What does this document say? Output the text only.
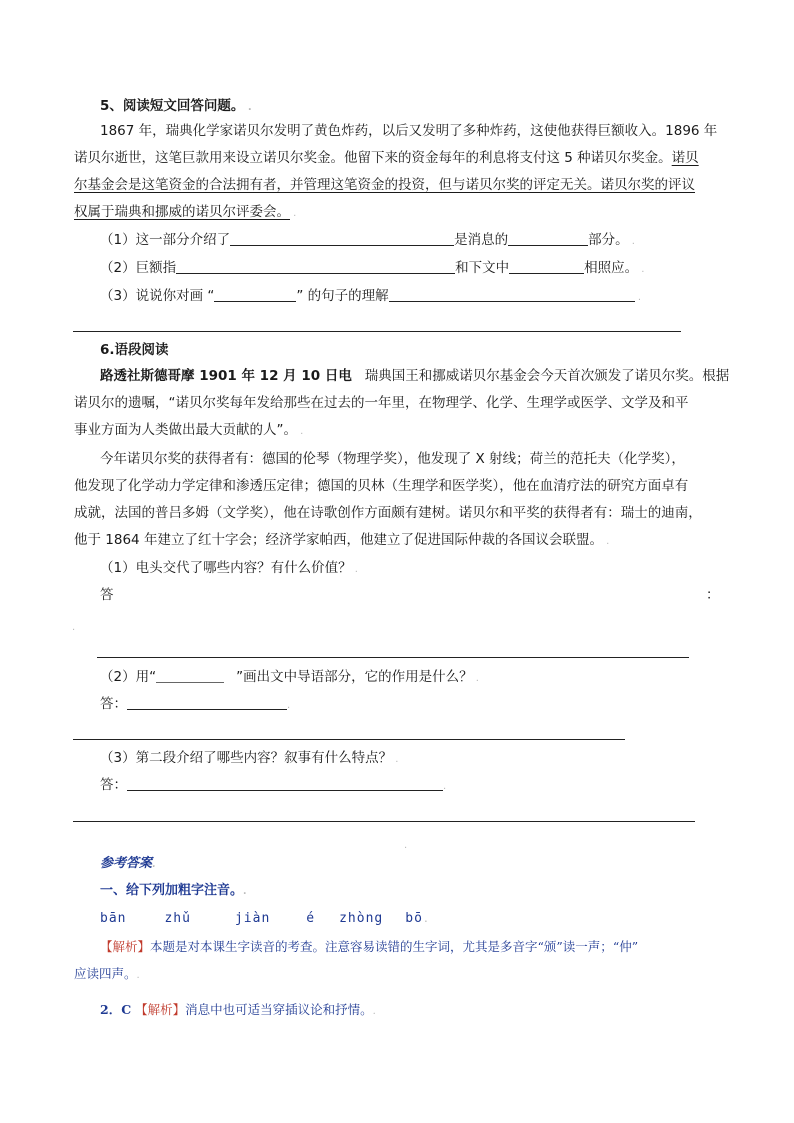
5、阅读短文回答问题。 .
1867 年，瑞典化学家诺贝尔发明了黄色炸药，以后又发明了多种炸药，这使他获得巨额收入。1896 年
诺贝尔逝世，这笔巨款用来设立诺贝尔奖金。他留下来的资金每年的利息将支付这 5 种诺贝尔奖金。诺贝
尔基金会是这笔资金的合法拥有者，并管理这笔资金的投资，但与诺贝尔奖的评定无关。诺贝尔奖的评议
权属于瑞典和挪威的诺贝尔评委会。 .
（1）这一部分介绍了	是消息的	部分。 .
（2）巨额指	和下文中	相照应。 .
（3）说说你对画 “	” 的句子的理解	.
6.语段阅读
路透社斯德哥摩 1901 年 12 月 10 日电 瑞典国王和挪威诺贝尔基金会今天首次颁发了诺贝尔奖。根据
诺贝尔的遗嘱，“诺贝尔奖每年发给那些在过去的一年里，在物理学、化学、生理学或医学、文学及和平
事业方面为人类做出最大贡献的人”。 .
今年诺贝尔奖的获得者有：德国的伦琴（物理学奖），他发现了 X 射线；荷兰的范托夫（化学奖），
他发现了化学动力学定律和渗透压定律；德国的贝林（生理学和医学奖），他在血清疗法的研究方面卓有
成就，法国的普吕多姆（文学奖），他在诗歌创作方面颇有建树。诺贝尔和平奖的获得者有：瑞士的迪南，
他于 1864 年建立了红十字会；经济学家帕西，他建立了促进国际仲裁的各国议会联盟。 .
（1）电头交代了哪些内容？有什么价值？ .
答	：
.
（2）用“	”画出文中导语部分，它的作用是什么？ .
答：	.
（3）第二段介绍了哪些内容？叙事有什么特点？ .
答：	.
.
参考答案.
一、给下列加粗字注音。.
bān	zhǔ	jiàn	é zhòng bō.
【解析】本题是对本课生字读音的考查。注意容易读错的生字词，尤其是多音字“颁”读一声；“仲”
应读四声。.
2．C 【解析】消息中也可适当穿插议论和抒情。.
